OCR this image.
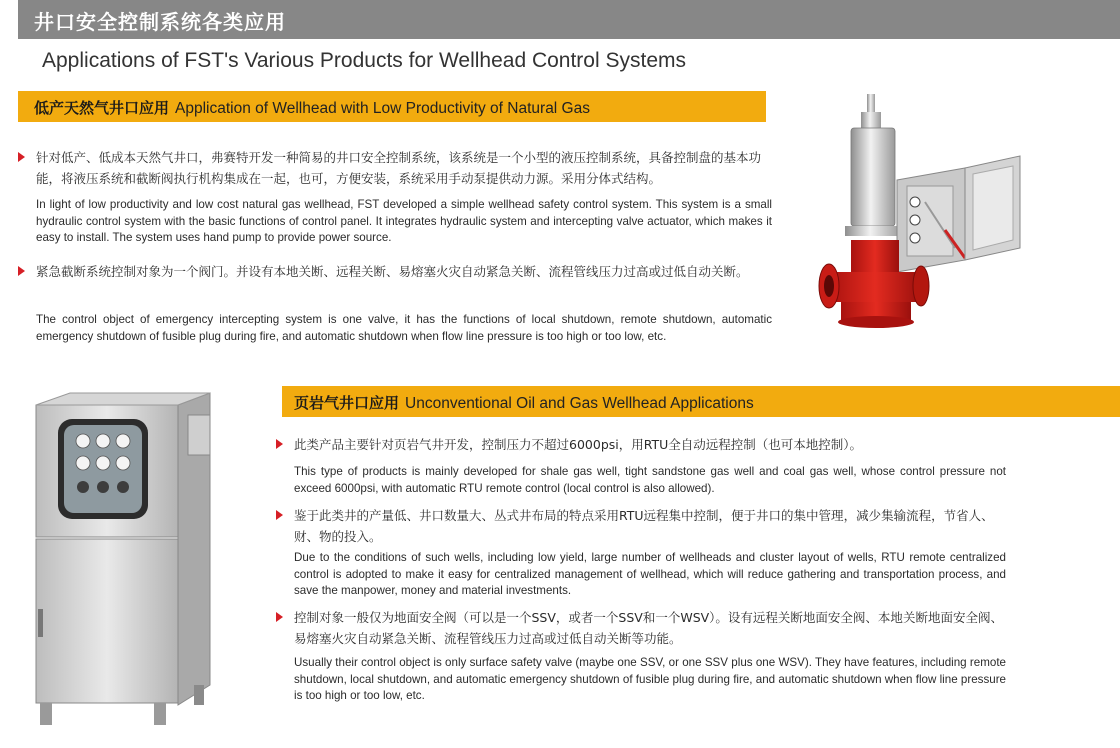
井口安全控制系统各类应用
Applications of FST's Various Products for Wellhead Control Systems
低产天然气井口应用 Application of Wellhead with Low Productivity of Natural Gas
针对低产、低成本天然气井口，弗赛特开发一种简易的井口安全控制系统，该系统是一个小型的液压控制系统，具备控制盘的基本功能，将液压系统和截断阀执行机构集成在一起，也可，方便安装，系统采用手动泵提供动力源。采用分体式结构。
In light of low productivity and low cost natural gas wellhead, FST developed a simple wellhead safety control system. This system is a small hydraulic control system with the basic functions of control panel. It integrates hydraulic system and intercepting valve actuator, which makes it easy to install. The system uses hand pump to provide power source.
紧急截断系统控制对象为一个阀门。并设有本地关断、远程关断、易熔塞火灾自动紧急关断、流程管线压力过高或过低自动关断。
The control object of emergency intercepting system is one valve, it has the functions of local shutdown, remote shutdown, automatic emergency shutdown of fusible plug during fire, and automatic shutdown when flow line pressure is too high or too low, etc.
页岩气井口应用 Unconventional Oil and Gas Wellhead Applications
此类产品主要针对页岩气井开发，控制压力不超过6000psi，用RTU全自动远程控制（也可本地控制）。
This type of products is mainly developed for shale gas well, tight sandstone gas well and coal gas well, whose control pressure not exceed 6000psi, with automatic RTU remote control (local control is also allowed).
鉴于此类井的产量低、井口数量大、丛式井布局的特点采用RTU远程集中控制，便于井口的集中管理，减少集输流程，节省人、财、物的投入。
Due to the conditions of such wells, including low yield, large number of wellheads and cluster layout of wells, RTU remote centralized control is adopted to make it easy for centralized management of wellhead, which will reduce gathering and transportation process, and save the manpower, money and material investments.
控制对象一般仅为地面安全阀（可以是一个SSV，或者一个SSV和一个WSV）。设有远程关断地面安全阀、本地关断地面安全阀、易熔塞火灾自动紧急关断、流程管线压力过高或过低自动关断等功能。
Usually their control object is only surface safety valve (maybe one SSV, or one SSV plus one WSV). They have features, including remote shutdown, local shutdown, and automatic emergency shutdown of fusible plug during fire, and automatic shutdown when flow line pressure is too high or too low, etc.
